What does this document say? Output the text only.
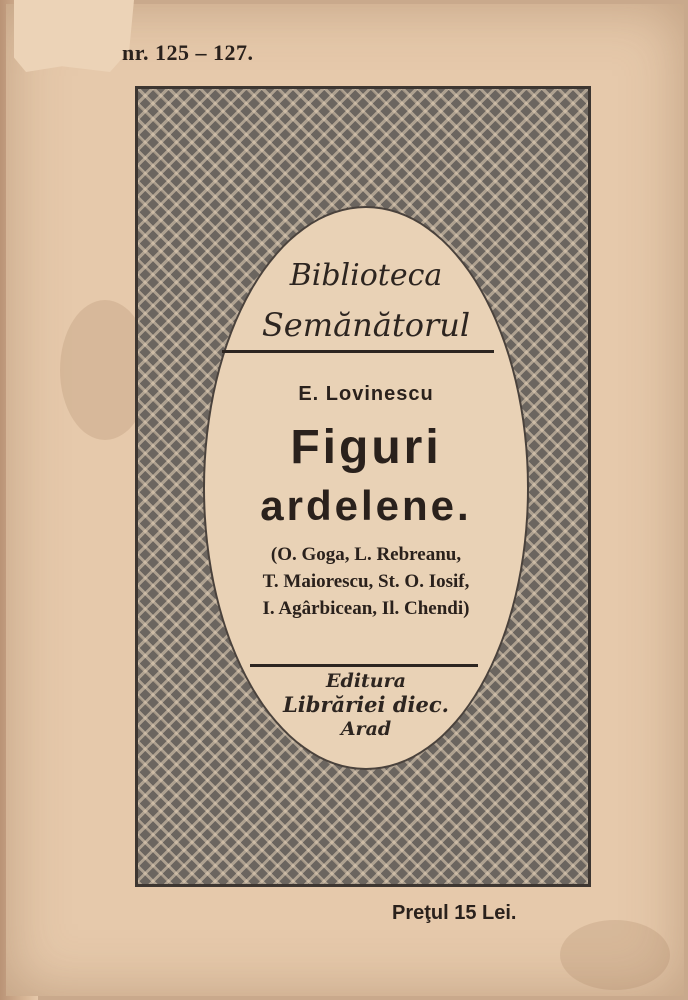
nr. 125 – 127.
Biblioteca
Semănătorul
E. Lovinescu
Figuri
ardelene.
(O. Goga, L. Rebreanu,
T. Maiorescu, St. O. Iosif,
I. Agârbicean, Il. Chendi)
Editura
Librăriei diec.
Arad
Preţul 15 Lei.
